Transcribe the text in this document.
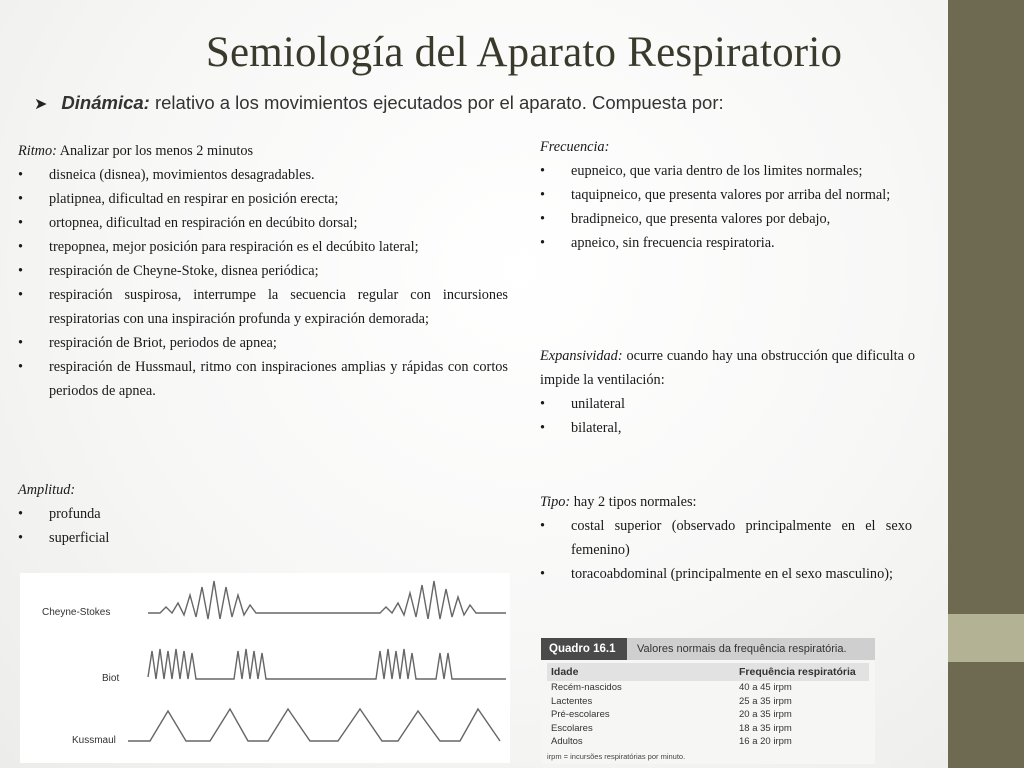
Semiología del Aparato Respiratorio
➤ Dinámica: relativo a los movimientos ejecutados por el aparato. Compuesta por:
Ritmo: Analizar por los menos 2 minutos
• disneica (disnea), movimientos desagradables.
• platipnea, dificultad en respirar en posición erecta;
• ortopnea, dificultad en respiración en decúbito dorsal;
• trepopnea, mejor posición para respiración es el decúbito lateral;
• respiración de Cheyne-Stoke, disnea periódica;
• respiración suspirosa, interrumpe la secuencia regular con incursiones respiratorias con una inspiración profunda y expiración demorada;
• respiración de Briot, periodos de apnea;
• respiración de Hussmaul, ritmo con inspiraciones amplias y rápidas con cortos periodos de apnea.
Amplitud:
• profunda
• superficial
Frecuencia:
• eupneico, que varia dentro de los limites normales;
• taquipneico, que presenta valores por arriba del normal;
• bradipneico, que presenta valores por debajo,
• apneico, sin frecuencia respiratoria.
Expansividad: ocurre cuando hay una obstrucción que dificulta o impide la ventilación:
• unilateral
• bilateral,
Tipo: hay 2 tipos normales:
• costal superior (observado principalmente en el sexo femenino)
• toracoabdominal (principalmente en el sexo masculino);
Cheyne-Stokes
Biot
Kussmaul
Quadro 16.1	Valores normais da frequência respiratória.
Idade	Frequência respiratória
Recém-nascidos	40 a 45 irpm
Lactentes	25 a 35 irpm
Pré-escolares	20 a 35 irpm
Escolares	18 a 35 irpm
Adultos	16 a 20 irpm
irpm = incursões respiratórias por minuto.
